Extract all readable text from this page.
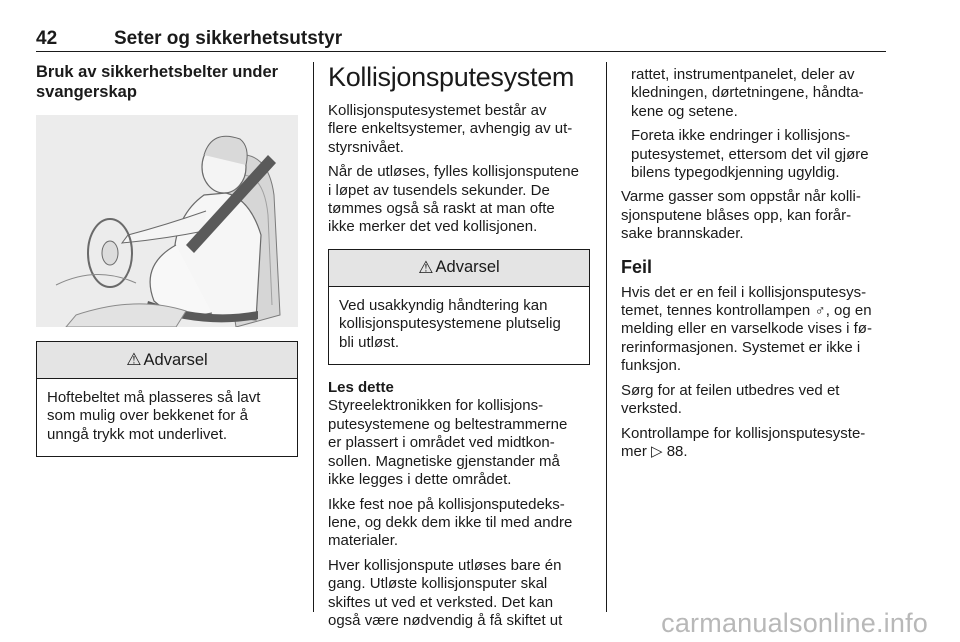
42	Seter og sikkerhetsutstyr
Bruk av sikkerhetsbelter under
svangerskap
⚠ Advarsel
Hoftebeltet må plasseres så lavt
som mulig over bekkenet for å
unngå trykk mot underlivet.
Kollisjonsputesystem

Kollisjonsputesystemet består av
flere enkeltsystemer, avhengig av ut-
styrsnivået.

Når de utløses, fylles kollisjonsputene
i løpet av tusendels sekunder. De
tømmes også så raskt at man ofte
ikke merker det ved kollisjonen.

⚠ Advarsel
Ved usakkyndig håndtering kan
kollisjonsputesystemene plutselig
bli utløst.

Les dette

Styreelektronikken for kollisjons-
putesystemene og beltestrammerne
er plassert i området ved midtkon-
sollen. Magnetiske gjenstander må
ikke legges i dette området.

Ikke fest noe på kollisjonsputedeks-
lene, og dekk dem ikke til med andre
materialer.

Hver kollisjonspute utløses bare én
gang. Utløste kollisjonsputer skal
skiftes ut ved et verksted. Det kan
også være nødvendig å få skiftet ut

rattet, instrumentpanelet, deler av
kledningen, dørtetningene, håndta-
kene og setene.

Foreta ikke endringer i kollisjons-
putesystemet, ettersom det vil gjøre
bilens typegodkjenning ugyldig.

Varme gasser som oppstår når kolli-
sjonsputene blåses opp, kan forår-
sake brannskader.

Feil

Hvis det er en feil i kollisjonsputesys-
temet, tennes kontrollampen ♂, og en
melding eller en varselkode vises i fø-
rerinformasjonen. Systemet er ikke i
funksjon.

Sørg for at feilen utbedres ved et
verksted.

Kontrollampe for kollisjonsputesyste-
mer ▷ 88.

carmanualsonline.info
